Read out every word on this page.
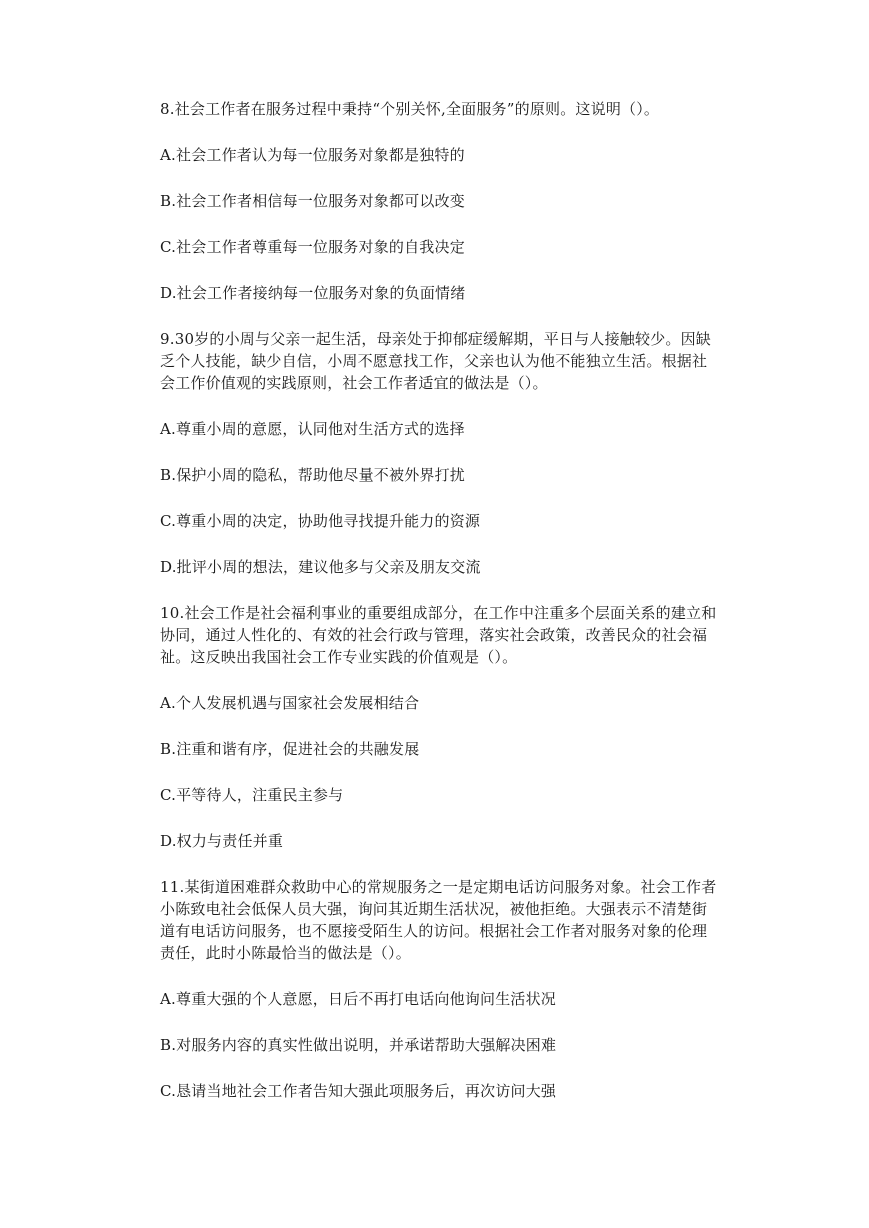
8.社会工作者在服务过程中秉持“个别关怀,全面服务”的原则。这说明（）。

A.社会工作者认为每一位服务对象都是独特的

B.社会工作者相信每一位服务对象都可以改变

C.社会工作者尊重每一位服务对象的自我决定

D.社会工作者接纳每一位服务对象的负面情绪

9.30岁的小周与父亲一起生活，母亲处于抑郁症缓解期，平日与人接触较少。因缺乏个人技能，缺少自信，小周不愿意找工作，父亲也认为他不能独立生活。根据社会工作价值观的实践原则，社会工作者适宜的做法是（）。

A.尊重小周的意愿，认同他对生活方式的选择

B.保护小周的隐私，帮助他尽量不被外界打扰

C.尊重小周的决定，协助他寻找提升能力的资源

D.批评小周的想法，建议他多与父亲及朋友交流

10.社会工作是社会福利事业的重要组成部分，在工作中注重多个层面关系的建立和协同，通过人性化的、有效的社会行政与管理，落实社会政策，改善民众的社会福祉。这反映出我国社会工作专业实践的价值观是（）。

A.个人发展机遇与国家社会发展相结合

B.注重和谐有序，促进社会的共融发展

C.平等待人，注重民主参与

D.权力与责任并重

11.某街道困难群众救助中心的常规服务之一是定期电话访问服务对象。社会工作者小陈致电社会低保人员大强，询问其近期生活状况，被他拒绝。大强表示不清楚街道有电话访问服务，也不愿接受陌生人的访问。根据社会工作者对服务对象的伦理责任，此时小陈最恰当的做法是（）。

A.尊重大强的个人意愿，日后不再打电话向他询问生活状况

B.对服务内容的真实性做出说明，并承诺帮助大强解决困难

C.恳请当地社会工作者告知大强此项服务后，再次访问大强
